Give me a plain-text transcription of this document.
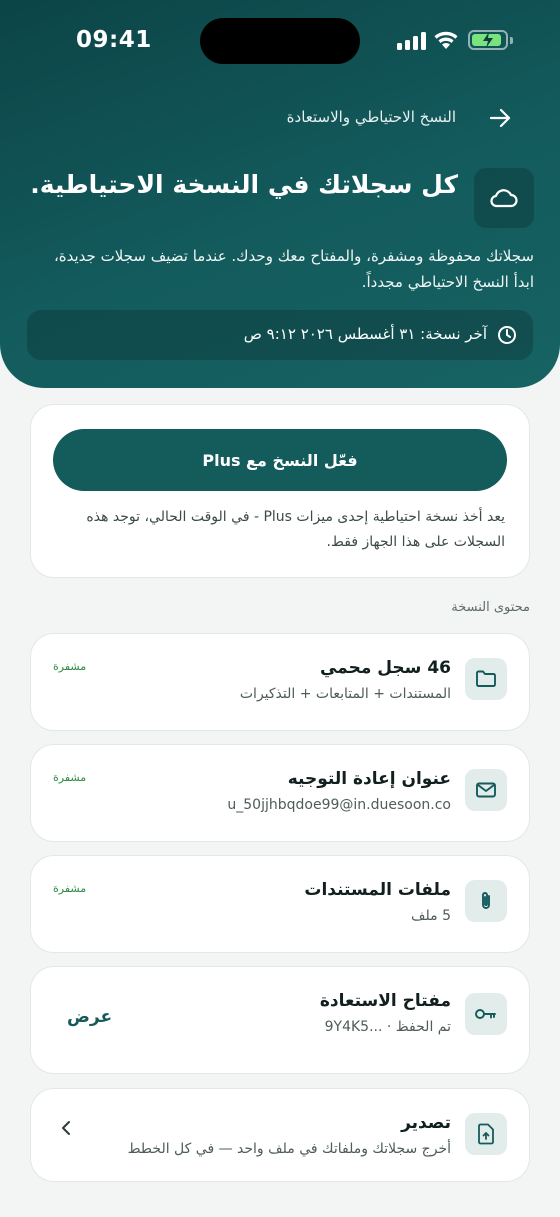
09:41
النسخ الاحتياطي والاستعادة
كل سجلاتك في النسخة الاحتياطية.
سجلاتك محفوظة ومشفرة، والمفتاح معك وحدك. عندما تضيف سجلات جديدة، ابدأ النسخ الاحتياطي مجدداً.
آخر نسخة: ٣١ أغسطس ٢٠٢٦ ٩:١٢ ص
فعّل النسخ مع Plus
يعد أخذ نسخة احتياطية إحدى ميزات Plus - في الوقت الحالي، توجد هذه السجلات على هذا الجهاز فقط.
محتوى النسخة
46 سجل محمي
المستندات + المتابعات + التذكيرات
مشفرة
عنوان إعادة التوجيه
u_50jjhbqdoe99@in.duesoon.co
مشفرة
ملفات المستندات
5 ملف
مشفرة
مفتاح الاستعادة
9Y4K5... · تم الحفظ
عرض
تصدير
أخرج سجلاتك وملفاتك في ملف واحد — في كل الخطط
